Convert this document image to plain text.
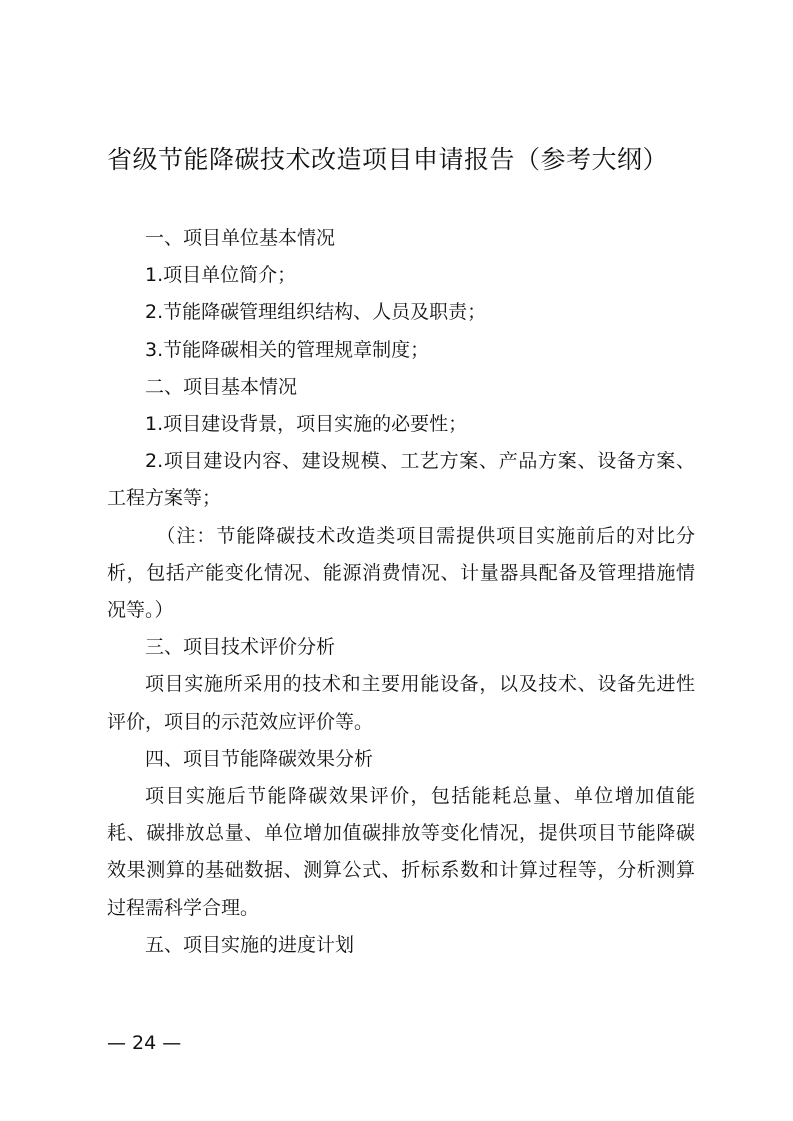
省级节能降碳技术改造项目申请报告（参考大纲）

一、项目单位基本情况

1.项目单位简介；

2.节能降碳管理组织结构、人员及职责；

3.节能降碳相关的管理规章制度；

二、项目基本情况

1.项目建设背景，项目实施的必要性；

2.项目建设内容、建设规模、工艺方案、产品方案、设备方案、工程方案等；

（注：节能降碳技术改造类项目需提供项目实施前后的对比分析，包括产能变化情况、能源消费情况、计量器具配备及管理措施情况等。）

三、项目技术评价分析

项目实施所采用的技术和主要用能设备，以及技术、设备先进性评价，项目的示范效应评价等。

四、项目节能降碳效果分析

项目实施后节能降碳效果评价，包括能耗总量、单位增加值能耗、碳排放总量、单位增加值碳排放等变化情况，提供项目节能降碳效果测算的基础数据、测算公式、折标系数和计算过程等，分析测算过程需科学合理。

五、项目实施的进度计划

— 24 —
